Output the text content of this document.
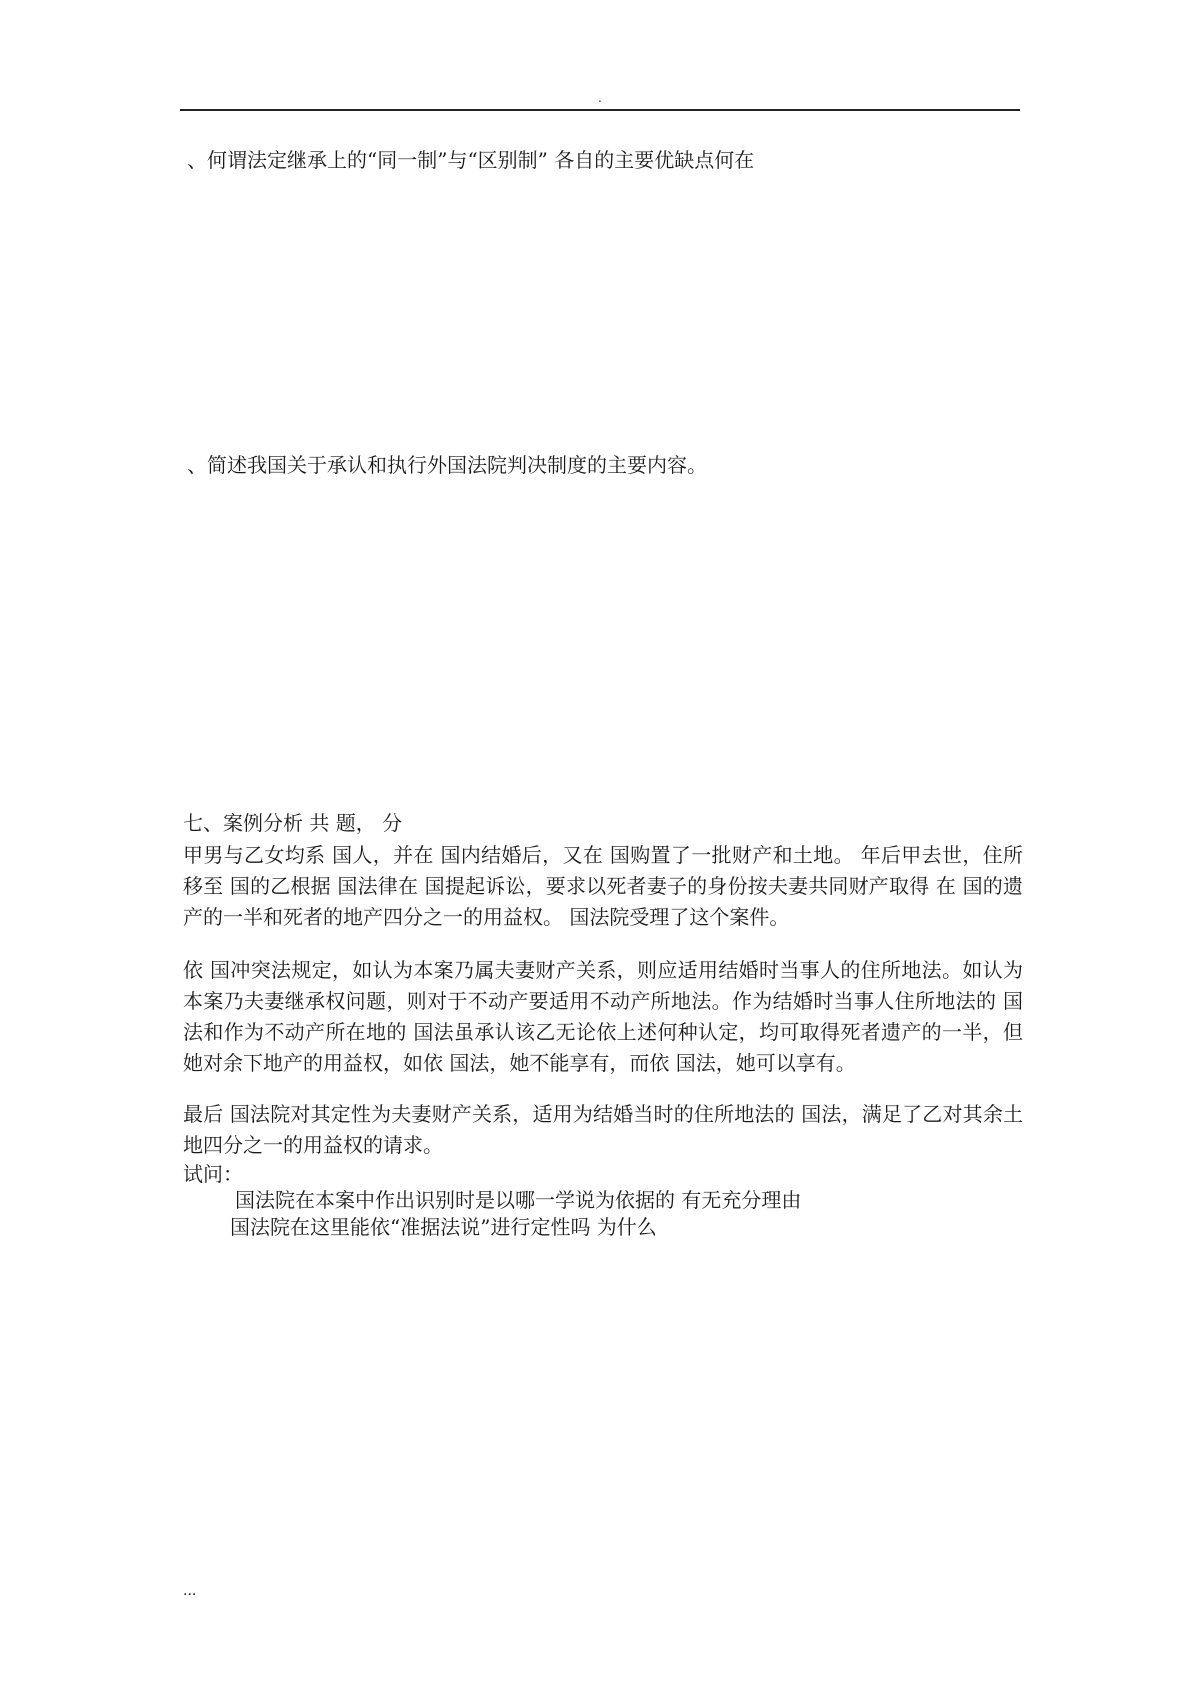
.
、何谓法定继承上的“同一制”与“区别制” 各自的主要优缺点何在
、简述我国关于承认和执行外国法院判决制度的主要内容。
七、案例分析 共 题， 分
甲男与乙女均系 国人，并在 国内结婚后，又在 国购置了一批财产和土地。 年后甲去世，住所移至 国的乙根据 国法律在 国提起诉讼，要求以死者妻子的身份按夫妻共同财产取得 在 国的遗产的一半和死者的地产四分之一的用益权。 国法院受理了这个案件。
依 国冲突法规定，如认为本案乃属夫妻财产关系，则应适用结婚时当事人的住所地法。如认为本案乃夫妻继承权问题，则对于不动产要适用不动产所地法。作为结婚时当事人住所地法的 国法和作为不动产所在地的 国法虽承认该乙无论依上述何种认定，均可取得死者遗产的一半，但她对余下地产的用益权，如依 国法，她不能享有，而依 国法，她可以享有。
最后 国法院对其定性为夫妻财产关系，适用为结婚当时的住所地法的 国法，满足了乙对其余土地四分之一的用益权的请求。
试问：
国法院在本案中作出识别时是以哪一学说为依据的 有无充分理由
国法院在这里能依“准据法说”进行定性吗 为什么
...
